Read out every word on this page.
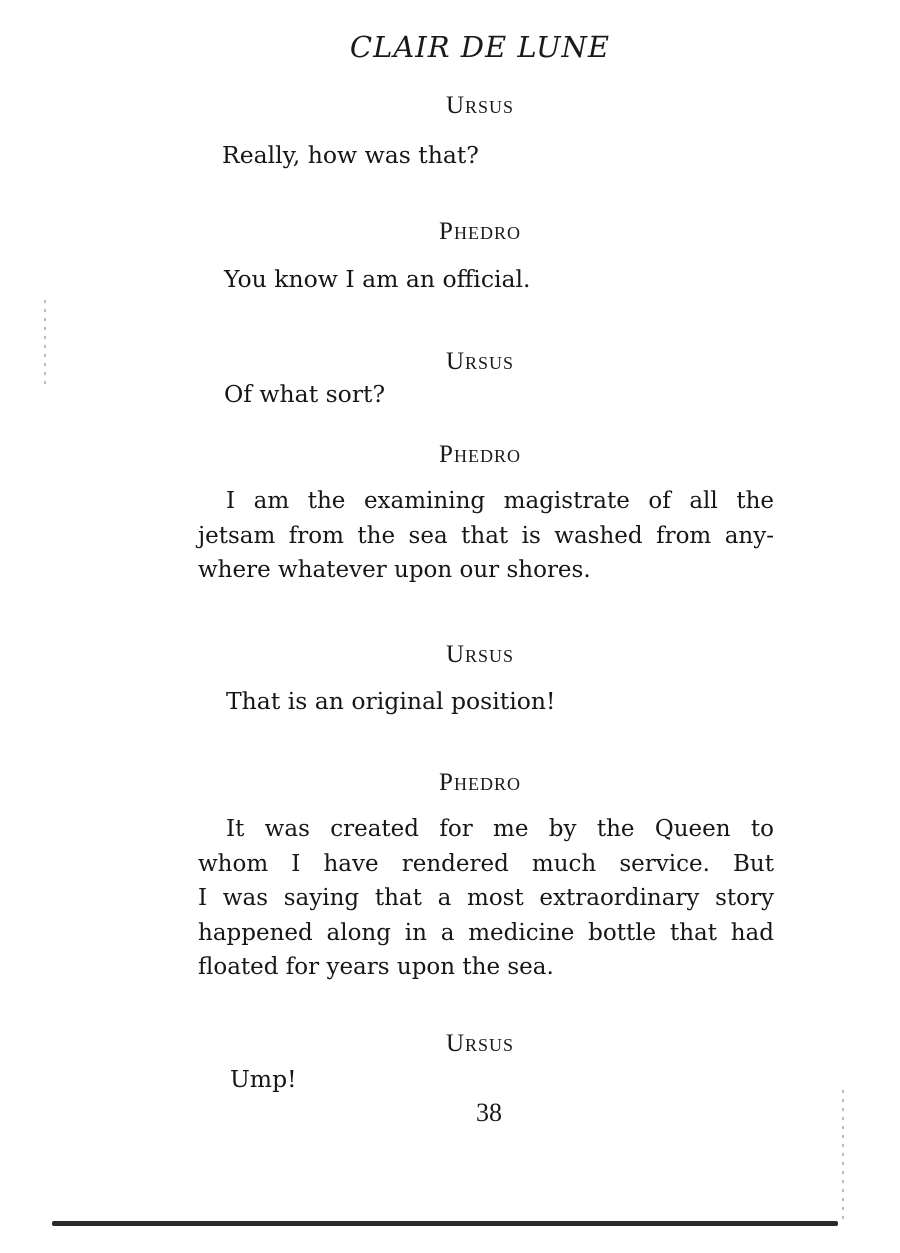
CLAIR DE LUNE
Ursus
Really, how was that?
Phedro
You know I am an official.
Ursus
Of what sort?
Phedro
I am the examining magistrate of all the
jetsam from the sea that is washed from any-
where whatever upon our shores.
Ursus
That is an original position!
Phedro
It was created for me by the Queen to
whom I have rendered much service. But
I was saying that a most extraordinary story
happened along in a medicine bottle that had
floated for years upon the sea.
Ursus
Ump!
38
